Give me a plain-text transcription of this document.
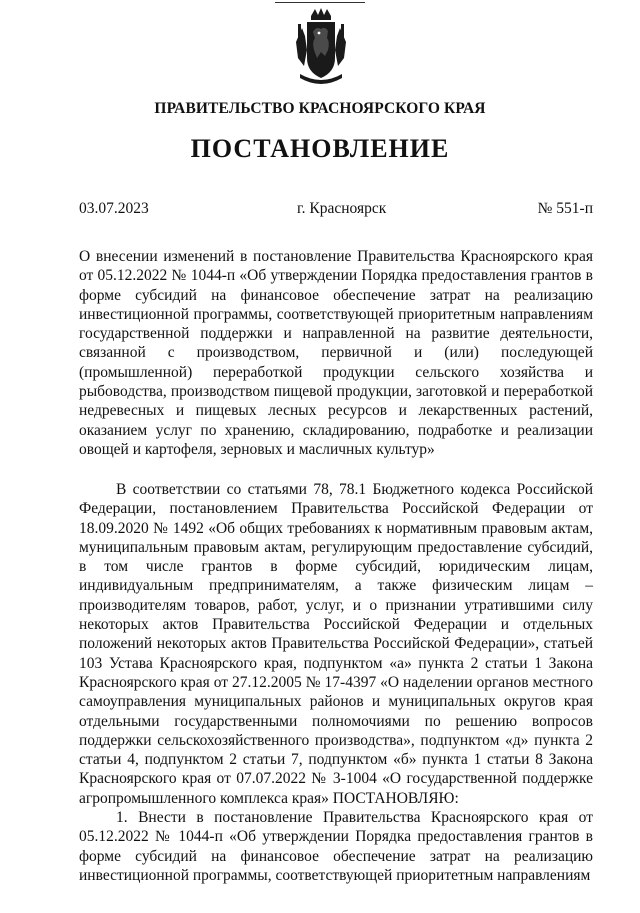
ПРАВИТЕЛЬСТВО КРАСНОЯРСКОГО КРАЯ
ПОСТАНОВЛЕНИЕ
03.07.2023	г. Красноярск	№ 551-п

О внесении изменений в постановление Правительства Красноярского края от 05.12.2022 № 1044-п «Об утверждении Порядка предоставления грантов в форме субсидий на финансовое обеспечение затрат на реализацию инвестиционной программы, соответствующей приоритетным направлениям государственной поддержки и направленной на развитие деятельности, связанной с производством, первичной и (или) последующей (промышленной) переработкой продукции сельского хозяйства и рыбоводства, производством пищевой продукции, заготовкой и переработкой недревесных и пищевых лесных ресурсов и лекарственных растений, оказанием услуг по хранению, складированию, подработке и реализации овощей и картофеля, зерновых и масличных культур»

В соответствии со статьями 78, 78.1 Бюджетного кодекса Российской Федерации, постановлением Правительства Российской Федерации от 18.09.2020 № 1492 «Об общих требованиях к нормативным правовым актам, муниципальным правовым актам, регулирующим предоставление субсидий, в том числе грантов в форме субсидий, юридическим лицам, индивидуальным предпринимателям, а также физическим лицам – производителям товаров, работ, услуг, и о признании утратившими силу некоторых актов Правительства Российской Федерации и отдельных положений некоторых актов Правительства Российской Федерации», статьей 103 Устава Красноярского края, подпунктом «а» пункта 2 статьи 1 Закона Красноярского края от 27.12.2005 № 17-4397 «О наделении органов местного самоуправления муниципальных районов и муниципальных округов края отдельными государственными полномочиями по решению вопросов поддержки сельскохозяйственного производства», подпунктом «д» пункта 2 статьи 4, подпунктом 2 статьи 7, подпунктом «б» пункта 1 статьи 8 Закона Красноярского края от 07.07.2022 № 3-1004 «О государственной поддержке агропромышленного комплекса края» ПОСТАНОВЛЯЮ:

1. Внести в постановление Правительства Красноярского края от 05.12.2022 № 1044-п «Об утверждении Порядка предоставления грантов в форме субсидий на финансовое обеспечение затрат на реализацию инвестиционной программы, соответствующей приоритетным направлениям
